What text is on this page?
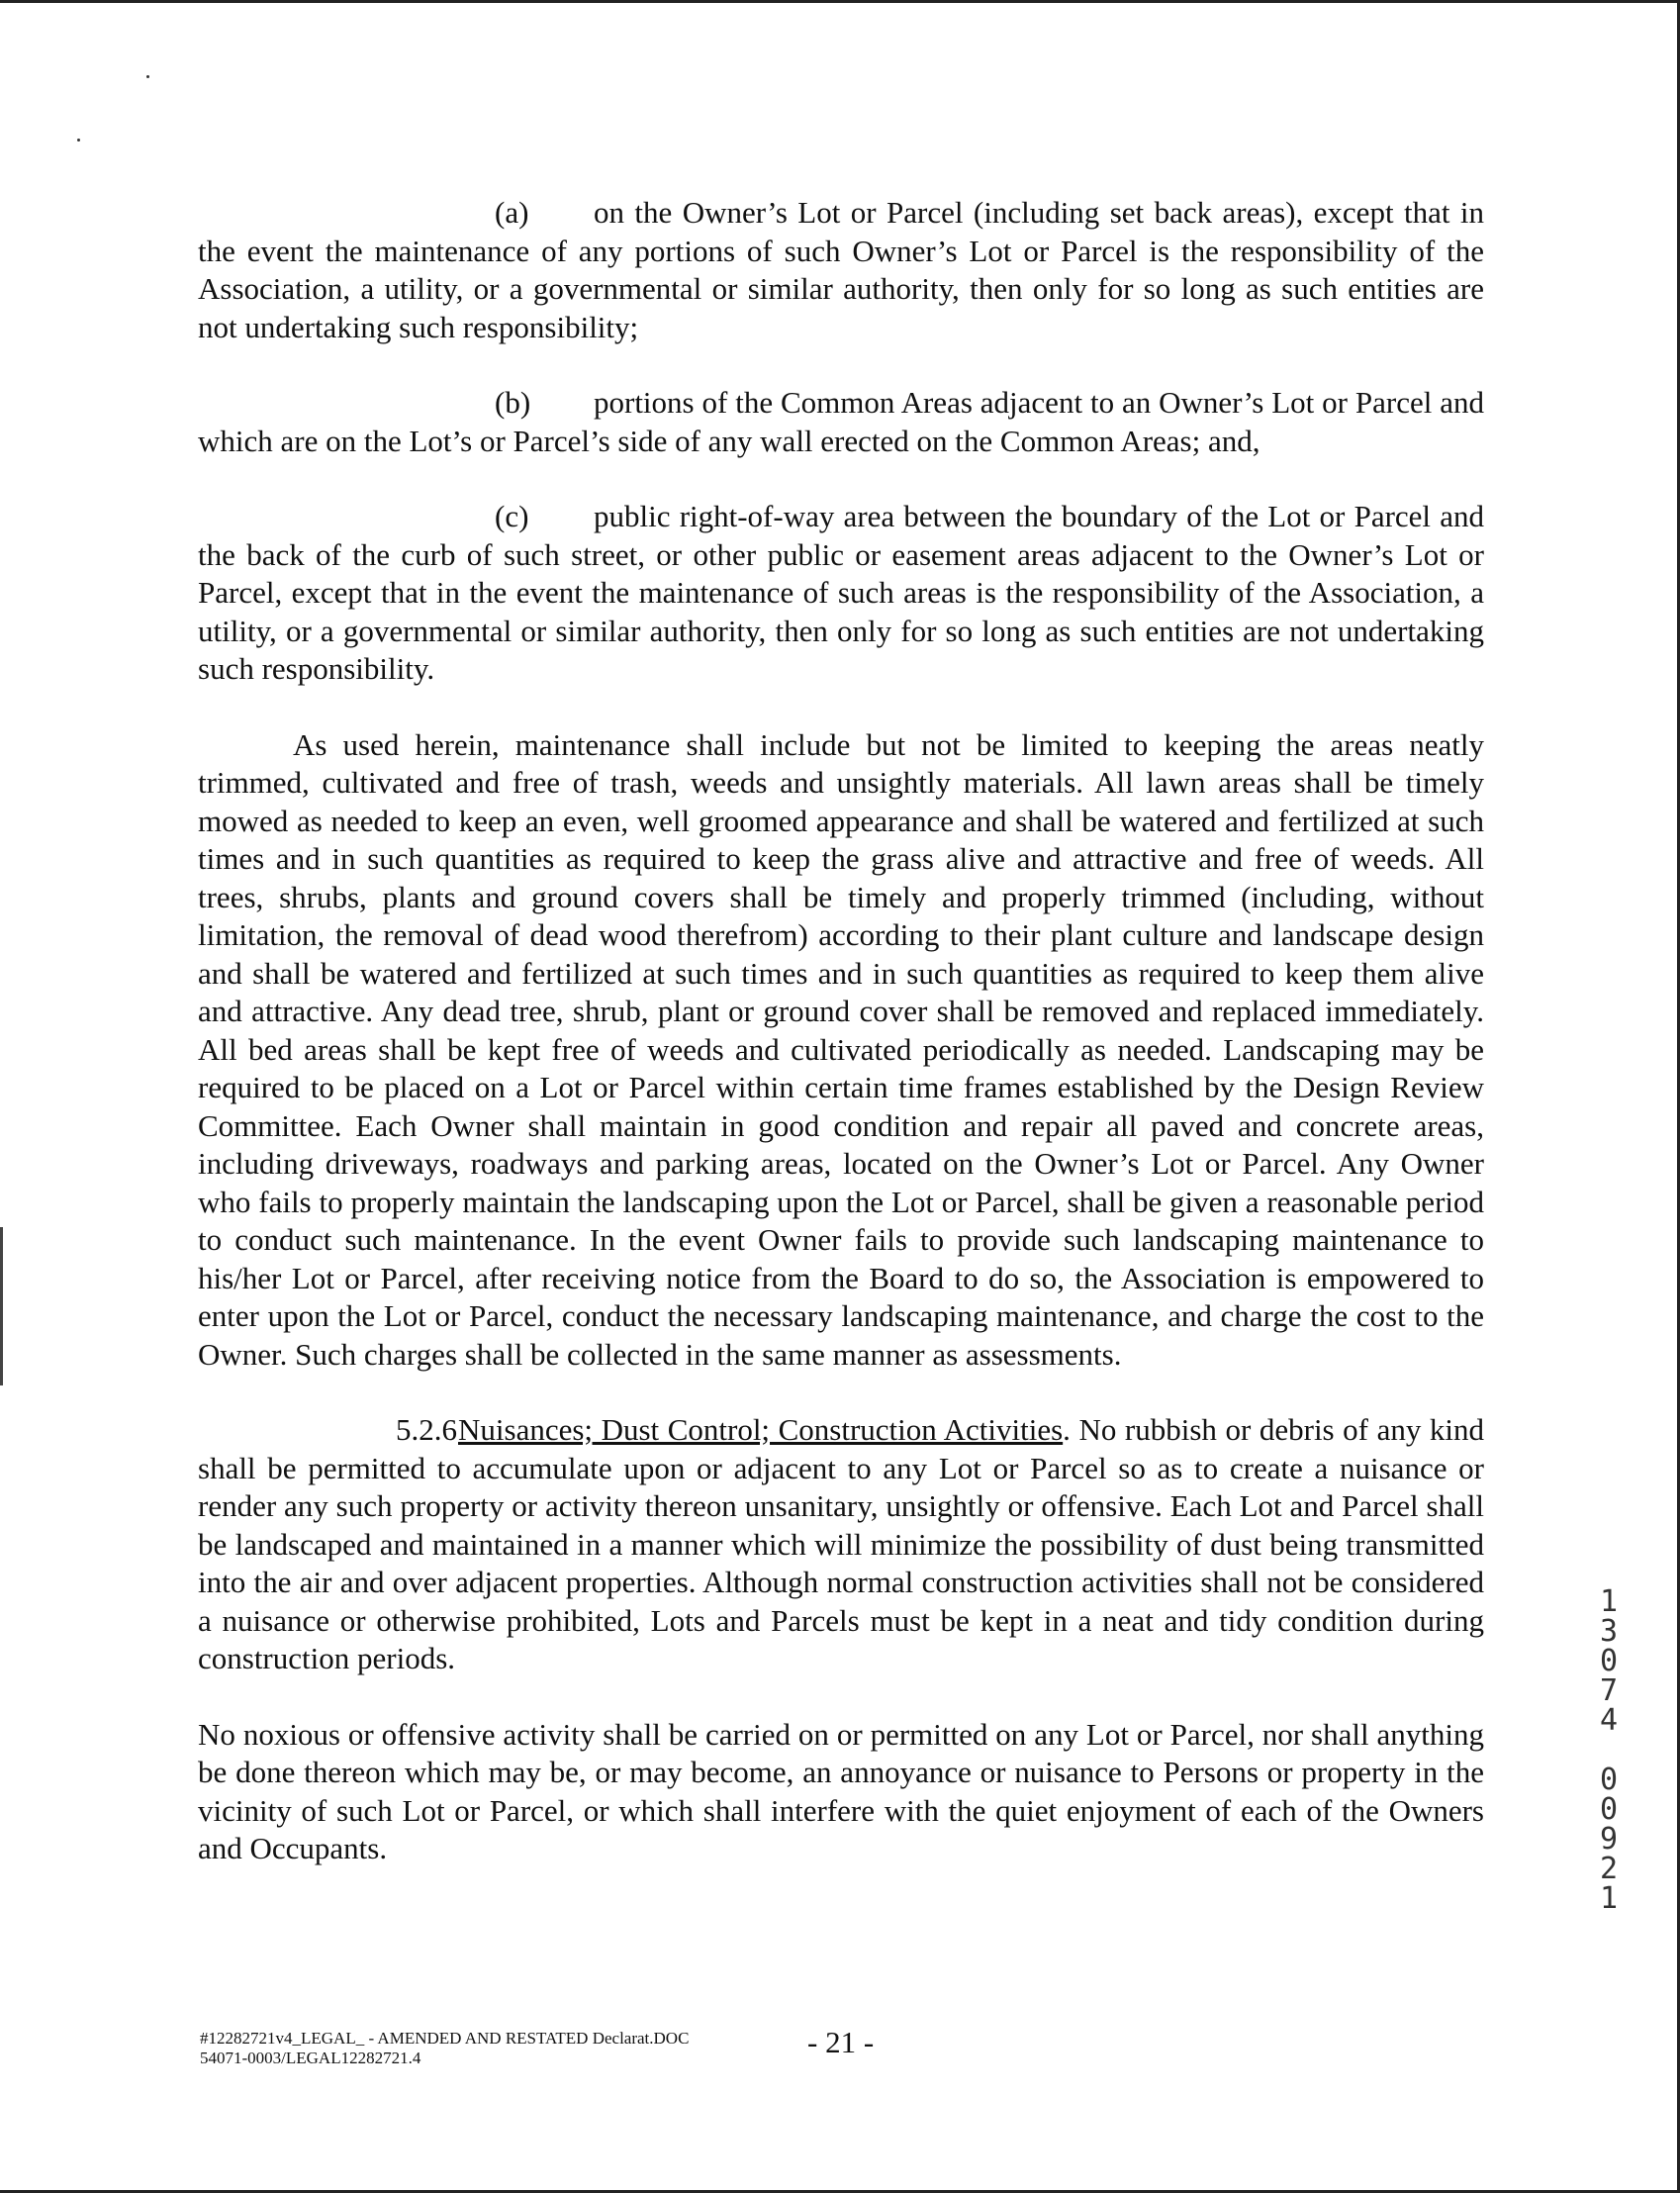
(a) on the Owner’s Lot or Parcel (including set back areas), except that in the event the maintenance of any portions of such Owner’s Lot or Parcel is the responsibility of the Association, a utility, or a governmental or similar authority, then only for so long as such entities are not undertaking such responsibility;

(b) portions of the Common Areas adjacent to an Owner’s Lot or Parcel and which are on the Lot’s or Parcel’s side of any wall erected on the Common Areas; and,

(c) public right-of-way area between the boundary of the Lot or Parcel and the back of the curb of such street, or other public or easement areas adjacent to the Owner’s Lot or Parcel, except that in the event the maintenance of such areas is the responsibility of the Association, a utility, or a governmental or similar authority, then only for so long as such entities are not undertaking such responsibility.

As used herein, maintenance shall include but not be limited to keeping the areas neatly trimmed, cultivated and free of trash, weeds and unsightly materials. All lawn areas shall be timely mowed as needed to keep an even, well groomed appearance and shall be watered and fertilized at such times and in such quantities as required to keep the grass alive and attractive and free of weeds. All trees, shrubs, plants and ground covers shall be timely and properly trimmed (including, without limitation, the removal of dead wood therefrom) according to their plant culture and landscape design and shall be watered and fertilized at such times and in such quantities as required to keep them alive and attractive. Any dead tree, shrub, plant or ground cover shall be removed and replaced immediately. All bed areas shall be kept free of weeds and cultivated periodically as needed. Landscaping may be required to be placed on a Lot or Parcel within certain time frames established by the Design Review Committee. Each Owner shall maintain in good condition and repair all paved and concrete areas, including driveways, roadways and parking areas, located on the Owner’s Lot or Parcel. Any Owner who fails to properly maintain the landscaping upon the Lot or Parcel, shall be given a reasonable period to conduct such maintenance. In the event Owner fails to provide such landscaping maintenance to his/her Lot or Parcel, after receiving notice from the Board to do so, the Association is empowered to enter upon the Lot or Parcel, conduct the necessary landscaping maintenance, and charge the cost to the Owner. Such charges shall be collected in the same manner as assessments.

5.2.6Nuisances; Dust Control; Construction Activities. No rubbish or debris of any kind shall be permitted to accumulate upon or adjacent to any Lot or Parcel so as to create a nuisance or render any such property or activity thereon unsanitary, unsightly or offensive. Each Lot and Parcel shall be landscaped and maintained in a manner which will minimize the possibility of dust being transmitted into the air and over adjacent properties. Although normal construction activities shall not be considered a nuisance or otherwise prohibited, Lots and Parcels must be kept in a neat and tidy condition during construction periods.

No noxious or offensive activity shall be carried on or permitted on any Lot or Parcel, nor shall anything be done thereon which may be, or may become, an annoyance or nuisance to Persons or property in the vicinity of such Lot or Parcel, or which shall interfere with the quiet enjoyment of each of the Owners and Occupants.

1
3
0
7
4
0
0
9
2
1
#12282721v4_LEGAL_ - AMENDED AND RESTATED Declarat.DOC
54071-0003/LEGAL12282721.4	- 21 -
